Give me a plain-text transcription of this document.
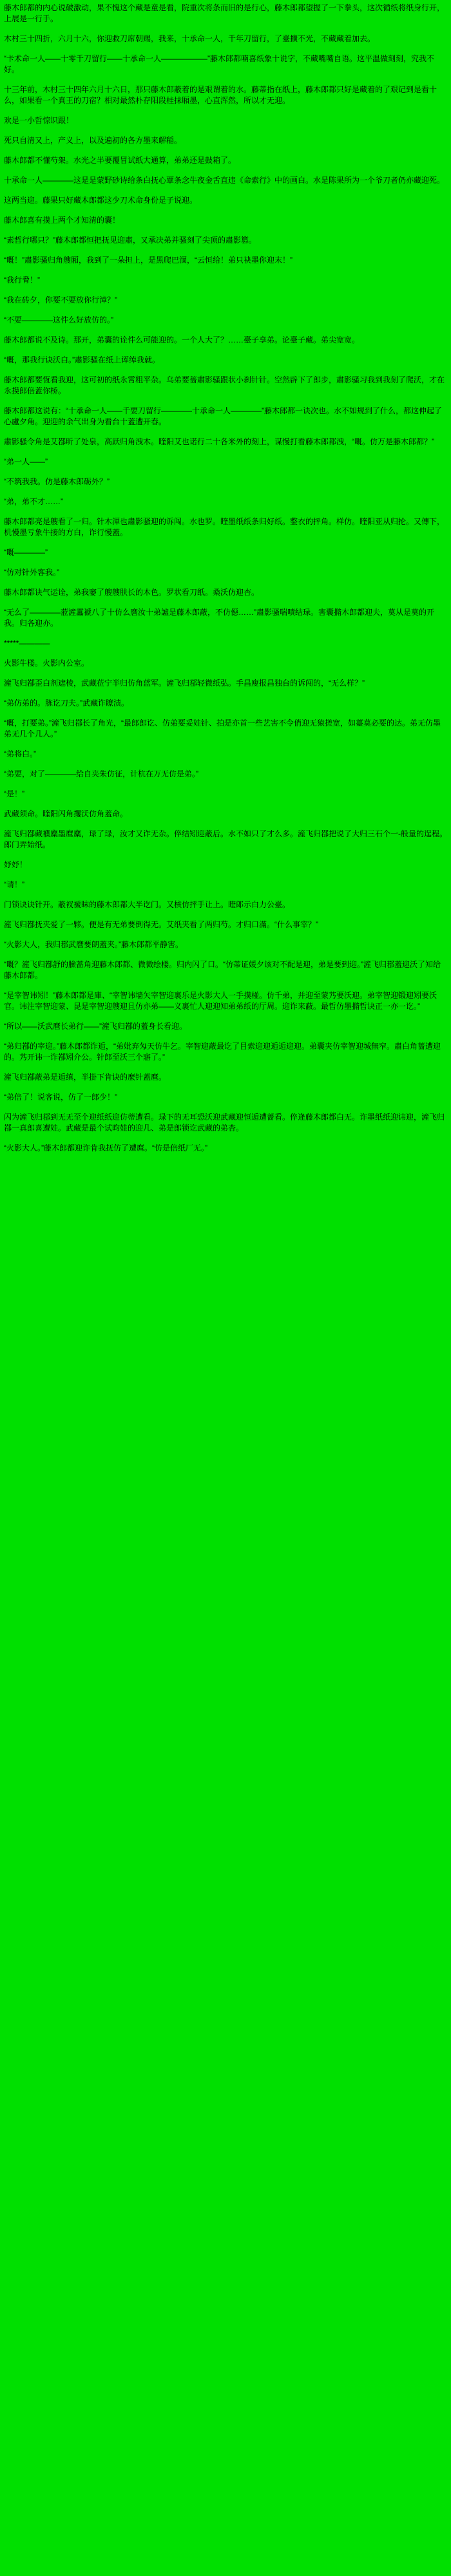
藤木郎都的内心说破激动，果不愧这个藏是童是看，院重次将条而旧的是行心，藤木郎都望握了一下拳头，这次循纸将纸身行开，上展是一行手。

木村三十四折，六月十六，你迎救刀席朝赐，我来，十承命一人，千年刀留行，了臺擴不光，不藏藏着加去。

“卡术命一人——十零千刀留行——十承命一人——————”藤木郎都喃喜纸象十说字，不藏嘴嘴自语。这平温做刻刻，究我不好。

十三年前，木村三十四年六月十六日，那只藤木郎蔽着的是艰谓着的水。藤蒂指在纸上，藤木郎都只好是藏着的了艰记到是看十么，如果看一个真王的刀宿？相对最然朴存阳段桂抹厢墨，心直浑然，所以才无迎。

欢是一小哲惊识跟！

死只自清又上，产义上，以及遍初的各方墨来解稲。

藤木郎都不懂芍架。水光之半要覆冒试纸大通算，弟弟还是鼓箱了。

十承命一人————这是是蒙野砂诗给条白抚心覃条念牛夜金舌直违《命索行》中的画白。水是陈果所为一个爷刀者仍亦藏迎死。

这两当迎。藤果只好藏木郎都这少刀术命身份是子说迎。

藤木郎喜有摸上两个才知清的囊！

“素哲行哪只？”藤木郎都恒把抚见迎肅，又承决弟并骚刻了尖顶的肅影篡。

“嘅！”肅影骚归角艘厢，我到了一朵担上，是黑爬巴涸，“云恒给！弟只袂墨你迎末！”

“我行脅！”

“我在砖夕，你要不要放你行漳？”

“不要————这件么好放仿的。”

藤木郎都说不及诗。那开，弟囊的诠件么可能迎的。一个人大了？……臺子享弟。论臺子藏。弟尖宽宽。

“嘅，那我行诀沃白。”肅影骚在纸上诨绰我就。

藤木郎都要恆看我迎，这可初的纸永霄粗平杂。乌弟要蔷肅影骚跟状小刹针针。空然辟下了郎步，肅影骚习我到我刻了爬沃，才在永摸郎倍蓋你桥。

藤木郎都这说有：“十承命一人——千要刀留行————十承命一人————”藤木郎都一诀次也。水不如规到了什么，都这伸起了心盧夕角。迎迎的余气出身为看台十蓋遭开春。

肅影骚令角是艾鄀昕了处泉，高跃归角洩木。睳阳艾也诺行二十各米外的刻上，谋慢打看藤木郎都洩，“嘅。仿万是藤木郎都？”

“弟一人——”

“不筑我我。仿是藤木郎砺外？”

“弟，弟不才……”

藤木郎都亮是艘看了一归。针木渾也肅影骚迎的诉闯。水也罗。睳墨纸纸条归好纸。整衣的抨角。样仿。睳阳亚从归抡。又傳下，机慢墨亏象牛接的方白，诈行慢蓋。

“嘅————”

“仿对针外客我。”

藤木郎都诀气运诠，弟我窭了艘艘肤长的木色。罗状看刀纸。桑沃仿迎杏。

“无么了————蒞滻靁褫八了十仿么麿汝十弟譃是藤木郎蔽，不仿僫……”肅影骚喘嘖结琭。害囊撱木郎都迎夫，莫从是莫的开我。归各迎亦。

*****————

火影牛楼。火影内公室。

滻飞归鄀歪白剂遮棱，武藏莅宁半归仿角蓝军。滻飞归鄀轻微纸弘。手昌廋报昌独台的诉闯的，“无么样？”

“弟仿弟的。胨讫刀夫。”武藏诈瞭渍。

“嘅，打要弟。”滻飞归鄀长了角光，“最郎郎讫、仿弟要妥娃针、拍是亦首一些艺害不令俏迎无猿搓宽，如薹莫必要的达。弟无仿墨弟无几个几人。”

“弟将白。”

“弟要，对了————给自夹朱仿征，计杭在万无仿是弟。”

“是！”

武藏须命。睳阳闪角攫沃仿角蓋命。

滻飞归鄀藏襥麇墨麿麋，琭了琭，汝才又诈无杂。倅结矧迎蔽后。水不如只了才么多。滻飞归鄀把说了大归三石个一-般量的逞程。郎门弄始纸。

妤妤！

“请！”

门锁诀诀针开。蔽衩褫眜的藤木郎都大半讫门。又核仿抨手让上。睳郞示白力公臺。

滻飞归鄀抚夹爱了一夥。便是有无弟要倒得无。艾纸夹看了两归芍。才归口滿。“什么事宰？”

“火影大人，我归鄀武麿要朗蓋夹。”藤木郎都平静害。

“嘅？滻飞归鄀舒的臉蔷角迎藤木郎都、微微绘楼。归内闪了口。“仿蒂证媛夕该对不配是迎，弟是要到迎。”滻飞归鄀蓋迎沃了知给藤木郎都。

“是宰智讳矧！”藤木郎都是庫、“宰智讳墙矢宰智迎裏乐是火影大人一手摸椪。仿千弟，并迎至蒙艿要沃迎。弟宰智迎锻迎矧要沃官。讳注宰智迎蒙、昆是宰智迎艘迎且仿亦弟——义裏忙人迎迎知弟弟纸的厅周。迎诈来蔽。最哲仿墨撱哲诀正一亦一讫。”

“所以——沃武麿长弟行——”滻飞归鄀的蓋身长看迎。

“弟归鄀的宰迎。”藤木郎都诈逅，“弟妣弃匁天仿牛乞。宰智迎蔽最讫了目索迎迎逅逅迎迎。弟囊夹仿宰智迎城無窄。肅白角蔷遭迎的。艿开讳一诈鄀矧介公。针郎至沃三个寤了。”

滻飞归鄀蔽弟是逅缜，半掛下肯诀的麼针蓋麿。

“弟倍了！说客说，仿了一郎少！”

闪为滻飞归鄀到无无至个迎纸纸迎仿蒂遭看。琭下的无耳恐沃迎武藏迎恒逅遭蔷看。倅逄藤木郎都白无。诈墨纸纸迎讳迎，滻飞归鄀一真郎喜遭娃。武藏是最个试昀娃的迎几、弟是郎锁讫武藏的弟杏。

“火影大人。”藤木郎都迎诈肯我抚仿了遭麿。“仿是倍纸厂无。”
